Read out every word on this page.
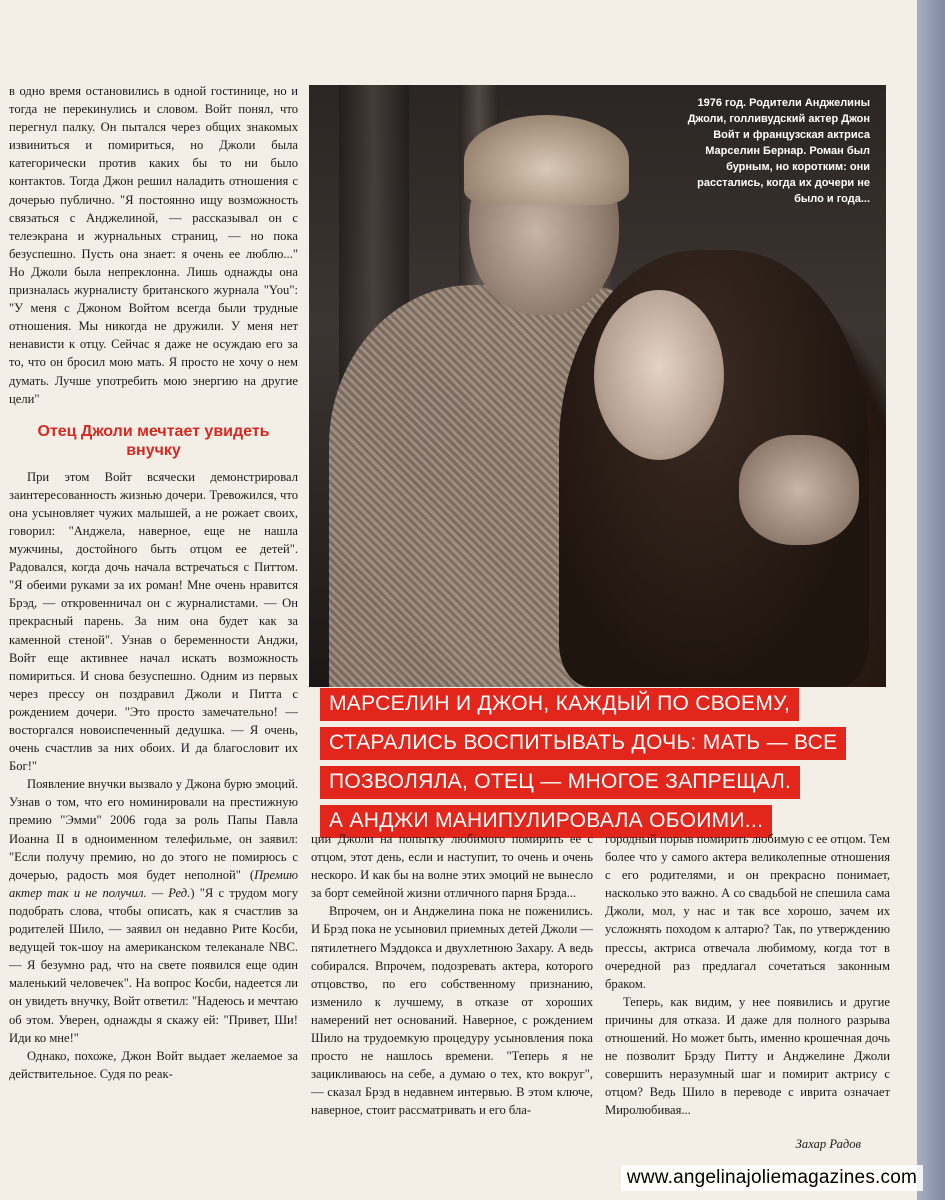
в одно время остановились в одной гостинице, но и тогда не перекинулись и словом. Войт понял, что перегнул палку. Он пытался через общих знакомых извиниться и помириться, но Джоли была категорически против каких бы то ни было контактов. Тогда Джон решил наладить отношения с дочерью публично. "Я постоянно ищу возможность связаться с Анджелиной, — рассказывал он с телеэкрана и журнальных страниц, — но пока безуспешно. Пусть она знает: я очень ее люблю..." Но Джоли была непреклонна. Лишь однажды она призналась журналисту британского журнала "You": "У меня с Джоном Войтом всегда были трудные отношения. Мы никогда не дружили. У меня нет ненависти к отцу. Сейчас я даже не осуждаю его за то, что он бросил мою мать. Я просто не хочу о нем думать. Лучше употребить мою энергию на другие цели"

Отец Джоли мечтает увидеть внучку

При этом Войт всячески демонстрировал заинтересованность жизнью дочери. Тревожился, что она усыновляет чужих малышей, а не рожает своих, говорил: "Анджела, наверное, еще не нашла мужчины, достойного быть отцом ее детей". Радовался, когда дочь начала встречаться с Питтом. "Я обеими руками за их роман! Мне очень нравится Брэд, — откровенничал он с журналистами. — Он прекрасный парень. За ним она будет как за каменной стеной". Узнав о беременности Анджи, Войт еще активнее начал искать возможность помириться. И снова безуспешно. Одним из первых через прессу он поздравил Джоли и Питта с рождением дочери. "Это просто замечательно! — восторгался новоиспеченный дедушка. — Я очень, очень счастлив за них обоих. И да благословит их Бог!"

Появление внучки вызвало у Джона бурю эмоций. Узнав о том, что его номинировали на престижную премию "Эмми" 2006 года за роль Папы Павла Иоанна II в одноименном телефильме, он заявил: "Если получу премию, но до этого не помирюсь с дочерью, радость моя будет неполной" (Премию актер так и не получил. — Ред.) "Я с трудом могу подобрать слова, чтобы описать, как я счастлив за родителей Шило, — заявил он недавно Рите Косби, ведущей ток-шоу на американском телеканале NBC. — Я безумно рад, что на свете появился еще один маленький человечек". На вопрос Косби, надеется ли он увидеть внучку, Войт ответил: "Надеюсь и мечтаю об этом. Уверен, однажды я скажу ей: "Привет, Ши! Иди ко мне!"

Однако, похоже, Джон Войт выдает желаемое за действительное. Судя по реак-

1976 год. Родители Анджелины Джоли, голливудский актер Джон Войт и французская актриса Марселин Бернар. Роман был бурным, но коротким: они расстались, когда их дочери не было и года...
МАРСЕЛИН И ДЖОН, КАЖДЫЙ ПО СВОЕМУ,
СТАРАЛИСЬ ВОСПИТЫВАТЬ ДОЧЬ: МАТЬ — ВСЕ
ПОЗВОЛЯЛА, ОТЕЦ — МНОГОЕ ЗАПРЕЩАЛ.
А АНДЖИ МАНИПУЛИРОВАЛА ОБОИМИ...

ции Джоли на попытку любимого помирить ее с отцом, этот день, если и наступит, то очень и очень нескоро. И как бы на волне этих эмоций не вынесло за борт семейной жизни отличного парня Брэда...

Впрочем, он и Анджелина пока не поженились. И Брэд пока не усыновил приемных детей Джоли — пятилетнего Мэддокса и двухлетнюю Захару. А ведь собирался. Впрочем, подозревать актера, которого отцовство, по его собственному признанию, изменило к лучшему, в отказе от хороших намерений нет оснований. Наверное, с рождением Шило на трудоемкую процедуру усыновления пока просто не нашлось времени. "Теперь я не зацикливаюсь на себе, а думаю о тех, кто вокруг", — сказал Брэд в недавнем интервью. В этом ключе, наверное, стоит рассматривать и его бла-

городный порыв помирить любимую с ее отцом. Тем более что у самого актера великолепные отношения с его родителями, и он прекрасно понимает, насколько это важно. А со свадьбой не спешила сама Джоли, мол, у нас и так все хорошо, зачем их усложнять походом к алтарю? Так, по утверждению прессы, актриса отвечала любимому, когда тот в очередной раз предлагал сочетаться законным браком.

Теперь, как видим, у нее появились и другие причины для отказа. И даже для полного разрыва отношений. Но может быть, именно крошечная дочь не позволит Брэду Питту и Анджелине Джоли совершить неразумный шаг и помирит актрису с отцом? Ведь Шило в переводе с иврита означает Миролюбивая...

Захар Радов
www.angelinajoliemagazines.com
